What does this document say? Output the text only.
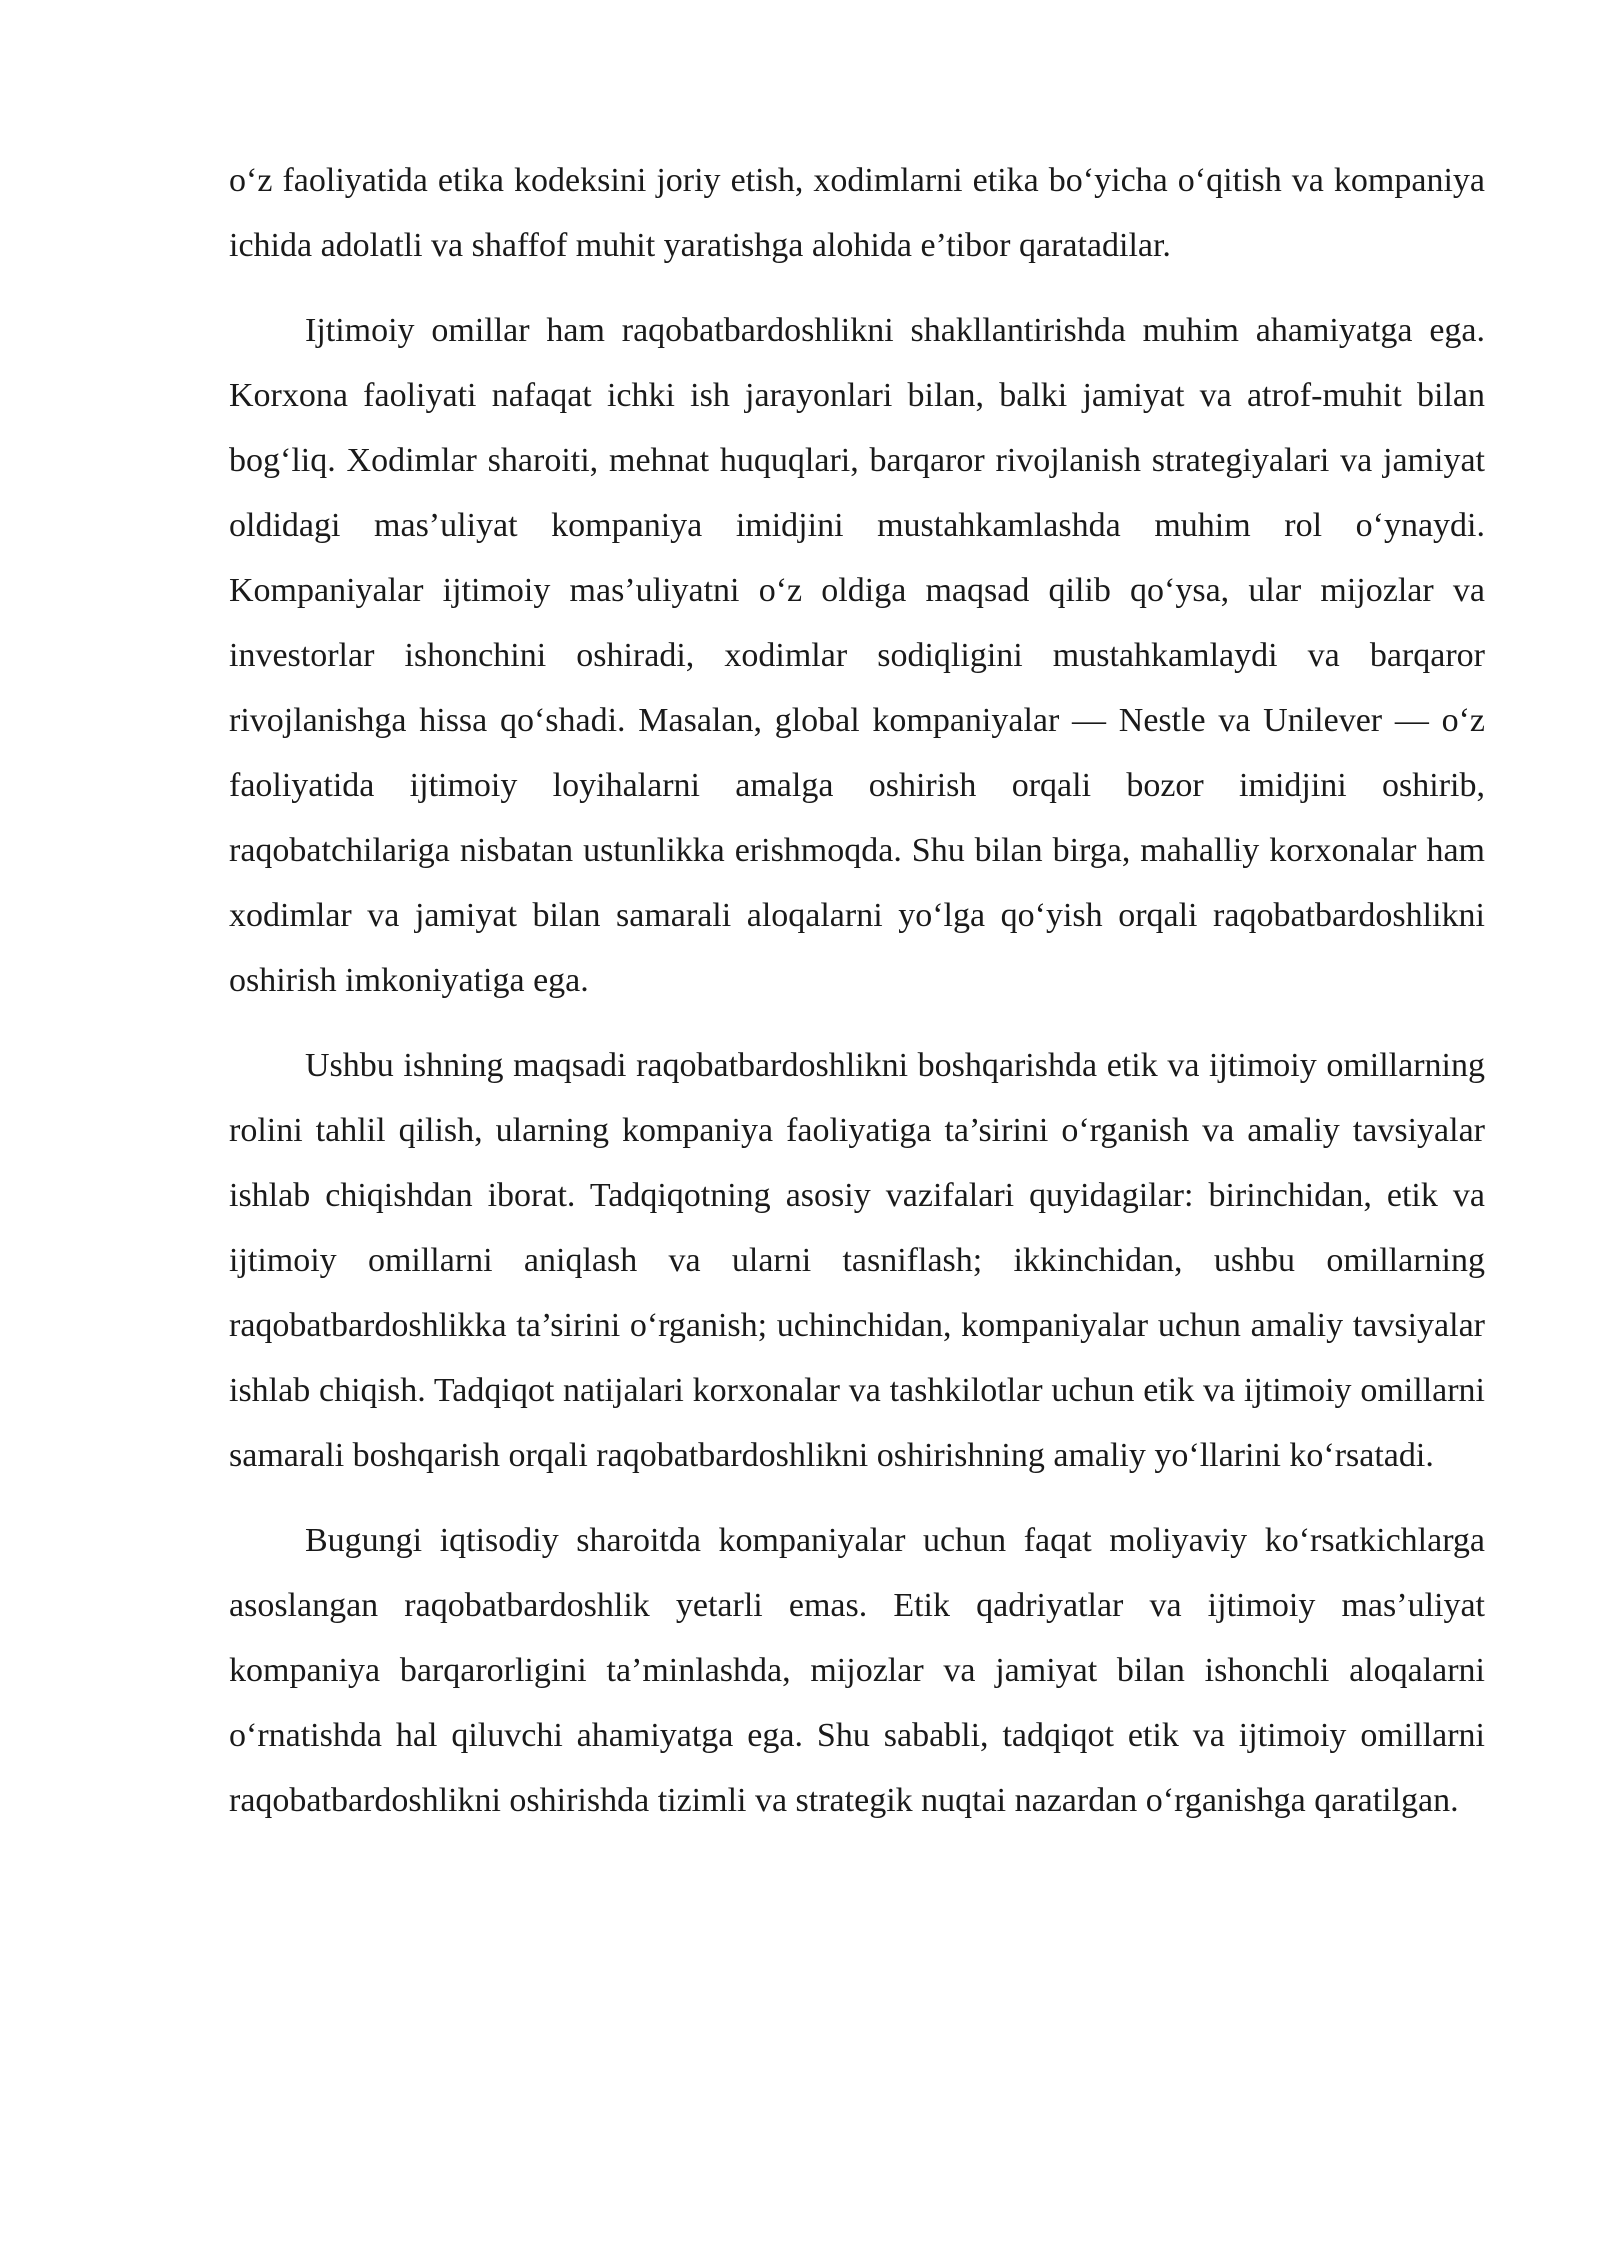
o‘z faoliyatida etika kodeksini joriy etish, xodimlarni etika bo‘yicha o‘qitish va kompaniya ichida adolatli va shaffof muhit yaratishga alohida e’tibor qaratadilar.

Ijtimoiy omillar ham raqobatbardoshlikni shakllantirishda muhim ahamiyatga ega. Korxona faoliyati nafaqat ichki ish jarayonlari bilan, balki jamiyat va atrof-muhit bilan bog‘liq. Xodimlar sharoiti, mehnat huquqlari, barqaror rivojlanish strategiyalari va jamiyat oldidagi mas’uliyat kompaniya imidjini mustahkamlashda muhim rol o‘ynaydi. Kompaniyalar ijtimoiy mas’uliyatni o‘z oldiga maqsad qilib qo‘ysa, ular mijozlar va investorlar ishonchini oshiradi, xodimlar sodiqligini mustahkamlaydi va barqaror rivojlanishga hissa qo‘shadi. Masalan, global kompaniyalar — Nestle va Unilever — o‘z faoliyatida ijtimoiy loyihalarni amalga oshirish orqali bozor imidjini oshirib, raqobatchilariga nisbatan ustunlikka erishmoqda. Shu bilan birga, mahalliy korxonalar ham xodimlar va jamiyat bilan samarali aloqalarni yo‘lga qo‘yish orqali raqobatbardoshlikni oshirish imkoniyatiga ega.

Ushbu ishning maqsadi raqobatbardoshlikni boshqarishda etik va ijtimoiy omillarning rolini tahlil qilish, ularning kompaniya faoliyatiga ta’sirini o‘rganish va amaliy tavsiyalar ishlab chiqishdan iborat. Tadqiqotning asosiy vazifalari quyidagilar: birinchidan, etik va ijtimoiy omillarni aniqlash va ularni tasniflash; ikkinchidan, ushbu omillarning raqobatbardoshlikka ta’sirini o‘rganish; uchinchidan, kompaniyalar uchun amaliy tavsiyalar ishlab chiqish. Tadqiqot natijalari korxonalar va tashkilotlar uchun etik va ijtimoiy omillarni samarali boshqarish orqali raqobatbardoshlikni oshirishning amaliy yo‘llarini ko‘rsatadi.

Bugungi iqtisodiy sharoitda kompaniyalar uchun faqat moliyaviy ko‘rsatkichlarga asoslangan raqobatbardoshlik yetarli emas. Etik qadriyatlar va ijtimoiy mas’uliyat kompaniya barqarorligini ta’minlashda, mijozlar va jamiyat bilan ishonchli aloqalarni o‘rnatishda hal qiluvchi ahamiyatga ega. Shu sababli, tadqiqot etik va ijtimoiy omillarni raqobatbardoshlikni oshirishda tizimli va strategik nuqtai nazardan o‘rganishga qaratilgan.
